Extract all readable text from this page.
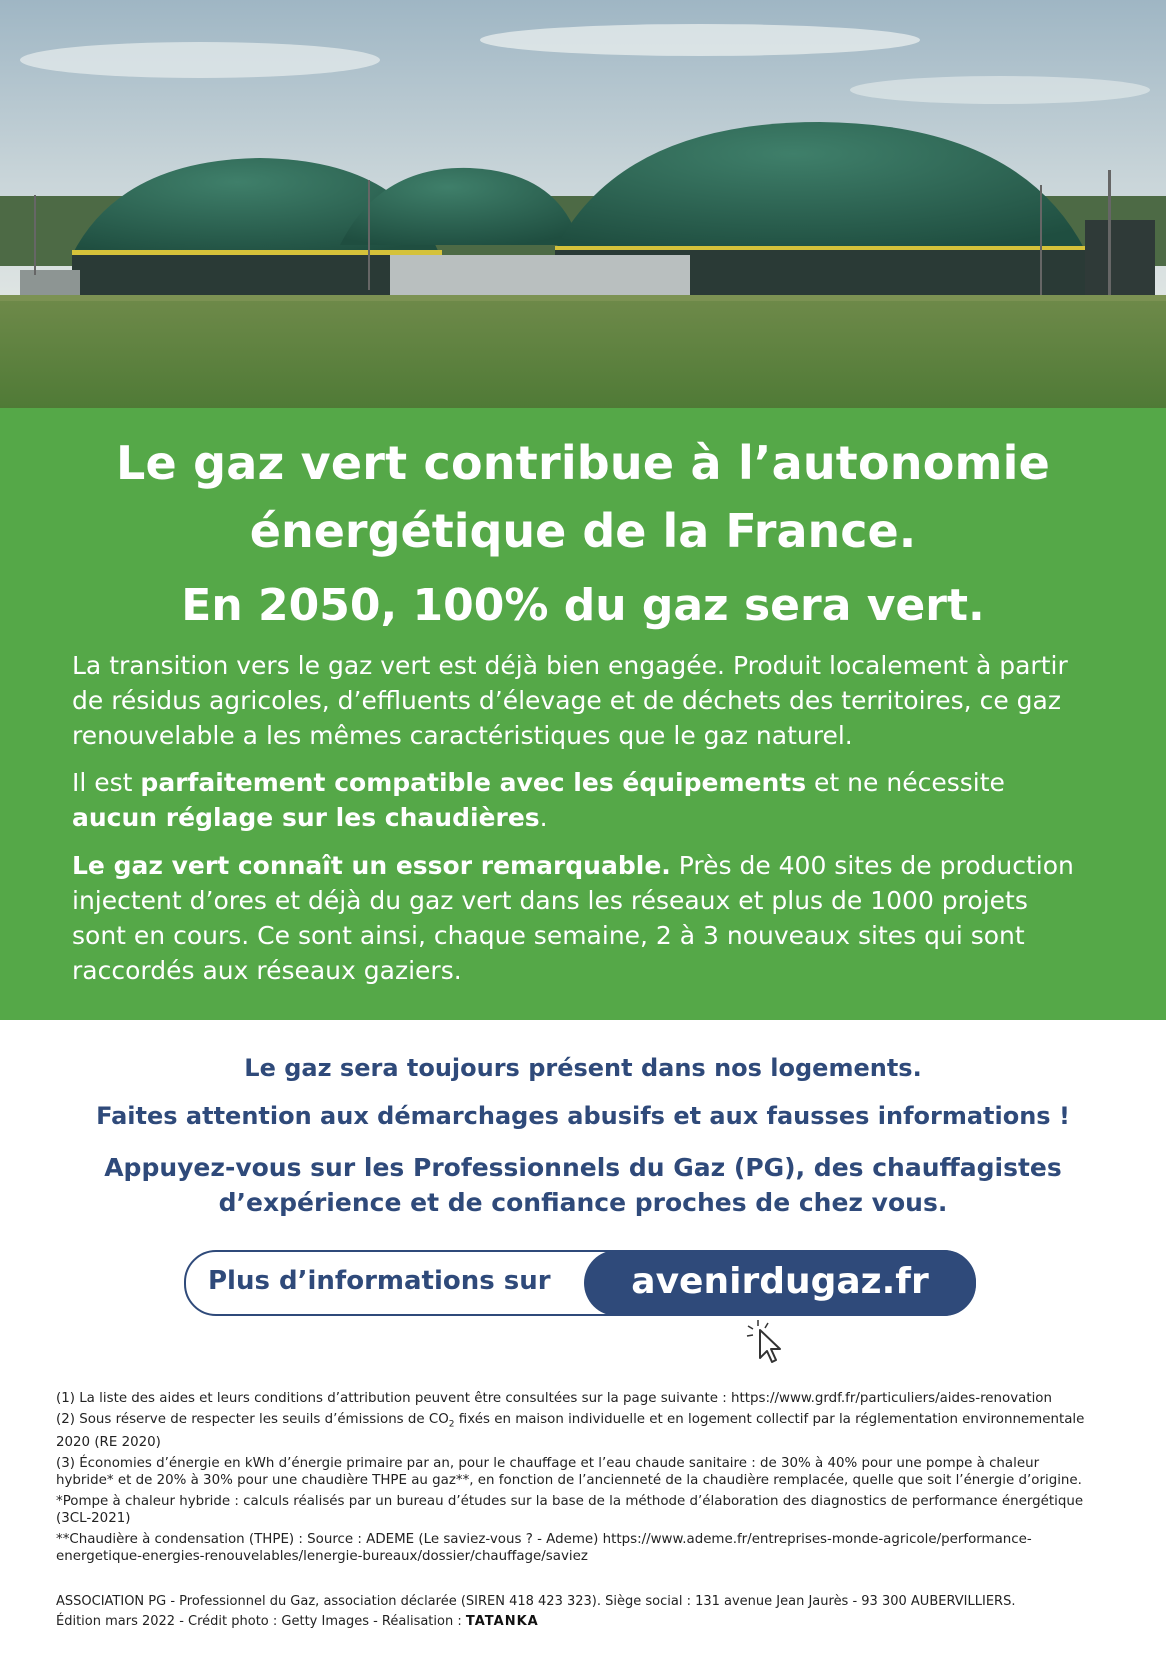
Le gaz vert contribue à l’autonomie
énergétique de la France.
En 2050, 100% du gaz sera vert.

La transition vers le gaz vert est déjà bien engagée. Produit localement à partir de résidus agricoles, d’effluents d’élevage et de déchets des territoires, ce gaz renouvelable a les mêmes caractéristiques que le gaz naturel.

Il est parfaitement compatible avec les équipements et ne nécessite aucun réglage sur les chaudières.

Le gaz vert connaît un essor remarquable. Près de 400 sites de production injectent d’ores et déjà du gaz vert dans les réseaux et plus de 1000 projets sont en cours. Ce sont ainsi, chaque semaine, 2 à 3 nouveaux sites qui sont raccordés aux réseaux gaziers.

Le gaz sera toujours présent dans nos logements.

Faites attention aux démarchages abusifs et aux fausses informations !

Appuyez-vous sur les Professionnels du Gaz (PG), des chauffagistes
d’expérience et de confiance proches de chez vous.

Plus d’informations sur	avenirdugaz.fr

(1) La liste des aides et leurs conditions d’attribution peuvent être consultées sur la page suivante : https://www.grdf.fr/particuliers/aides-renovation

(2) Sous réserve de respecter les seuils d’émissions de $CO_2$ fixés en maison individuelle et en logement collectif par la réglementation environnementale 2020 (RE 2020)

(3) Économies d’énergie en kWh d’énergie primaire par an, pour le chauffage et l’eau chaude sanitaire : de 30% à 40% pour une pompe à chaleur hybride* et de 20% à 30% pour une chaudière THPE au gaz**, en fonction de l’ancienneté de la chaudière remplacée, quelle que soit l’énergie d’origine.

*Pompe à chaleur hybride : calculs réalisés par un bureau d’études sur la base de la méthode d’élaboration des diagnostics de performance énergétique (3CL-2021)

**Chaudière à condensation (THPE) : Source : ADEME (Le saviez-vous ? - Ademe) https://www.ademe.fr/entreprises-monde-agricole/performance-energetique-energies-renouvelables/lenergie-bureaux/dossier/chauffage/saviez

ASSOCIATION PG - Professionnel du Gaz, association déclarée (SIREN 418 423 323). Siège social : 131 avenue Jean Jaurès - 93 300 AUBERVILLIERS.

Édition mars 2022 - Crédit photo : Getty Images - Réalisation : TATANKA
